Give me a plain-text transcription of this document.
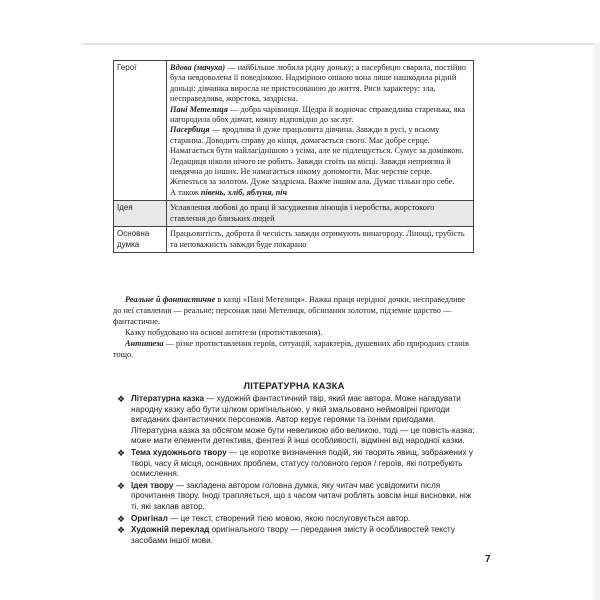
Герої	Вдова (мачуха) — найбільше любила рідну доньку; а пасербицю сварила, постійно була невдоволена її поведінкою. Надмірною опікою вона лише нашкодила рідній доньці: дівчинка виросла не пристосованою до життя. Риси характеру: зла, несправедлива, жорстока, заздрісна.
Пані Метелиця — добра чарівниця. Щедра й водночас справедлива старенька, яка нагородила обох дівчат, кожну відповідно до заслуг.
Пасербиця — вродлива й дуже працьовита дівчина. Завжди в русі, у всьому старанна. Доводить справу до кінця, домагається свого. Має добре серце. Намагається бути найлагіднішою з усіма, але не підлещується. Сумує за домівкою.
Ледащиця ніколи нічого не робить. Завжди стоїть на місці. Завжди неприязна й невдячна до інших. Не намагається нікому допомогти. Має черстве серце. Жenesться за золотом. Дуже заздрісна. Важче іншим ала. Думає тільки про себе.
А також півень, хліб, яблуня, піч

Ідея	Уславлення любові до праці й засудження лінощів і неробства, жорстокого ставлення до близьких людей
Основна думка	Працьовитість, доброта й чесність завжди отримують винагороду. Лінощі, грубість та неповажність завжди буде покарано

Реальне й фантастичне в казці «Пані Метелиця». Важка праця нерідної дочки, несправедливе до неї ставлення — реальне; персонаж пані Метелиця, обсипання золотом, підземне царство — фантастичне.

Казку побудовано на основі антитези (протиставлення).

Антитеза — різке протиставлення героїв, ситуацій, характерів, душевних або природних станів тощо.

ЛІТЕРАТУРНА КАЗКА
❖ Літературна казка — художній фантастичний твір, який має автора. Може нагадувати народну казку або бути цілком оригінальною, у якій змальовано неймовірні пригоди вигаданих фантастичних персонажів. Автор керує героями та їхніми пригодами. Літературна казка за обсягом може бути невеликою або великою, тоді — це повість-казка; може мати елементи детектива, фентезі й інші особливості, відмінні від народної казки.
❖ Тема художнього твору — це коротке визначення подій, які творять явищ, зображених у творі, часу й місця, основних проблем, статусу головного героя / героїв, які потребують осмислення.
❖ Ідея твору — закладена автором головна думка, яку читач має усвідомити після прочитання твору. Іноді трапляється, що з часом читачі роблять зовсім інші висновки, ніж ті, які заклав автор.
❖ Оригінал — це текст, створений тією мовою, якою послуговується автор.
❖ Художній переклад оригінального твору — передання змісту й особливостей тексту засобами іншої мови.
7
